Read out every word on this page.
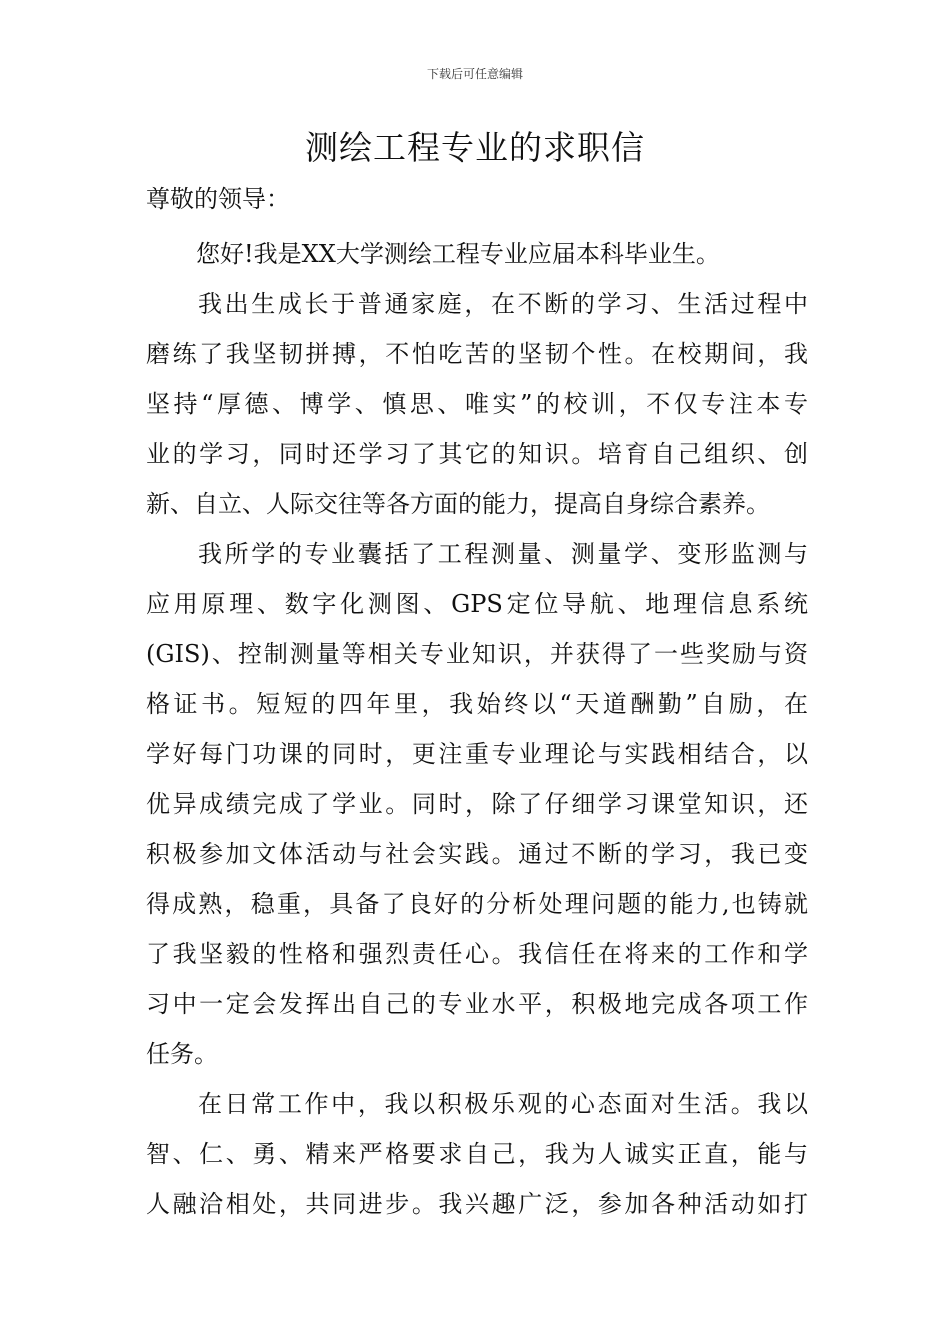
下载后可任意编辑
测绘工程专业的求职信
尊敬的领导：
您好!我是XX大学测绘工程专业应届本科毕业生。
我出生成长于普通家庭，在不断的学习、生活过程中
磨练了我坚韧拼搏，不怕吃苦的坚韧个性。在校期间，我
坚持“厚德、博学、慎思、唯实”的校训，不仅专注本专
业的学习，同时还学习了其它的知识。培育自己组织、创
新、自立、人际交往等各方面的能力，提高自身综合素养。
我所学的专业囊括了工程测量、测量学、变形监测与
应用原理、数字化测图、GPS定位导航、地理信息系统
(GIS)、控制测量等相关专业知识，并获得了一些奖励与资
格证书。短短的四年里，我始终以“天道酬勤”自励，在
学好每门功课的同时，更注重专业理论与实践相结合，以
优异成绩完成了学业。同时，除了仔细学习课堂知识，还
积极参加文体活动与社会实践。通过不断的学习，我已变
得成熟，稳重，具备了良好的分析处理问题的能力,也铸就
了我坚毅的性格和强烈责任心。我信任在将来的工作和学
习中一定会发挥出自己的专业水平，积极地完成各项工作
任务。
在日常工作中，我以积极乐观的心态面对生活。我以
智、仁、勇、精来严格要求自己，我为人诚实正直，能与
人融洽相处，共同进步。我兴趣广泛，参加各种活动如打
